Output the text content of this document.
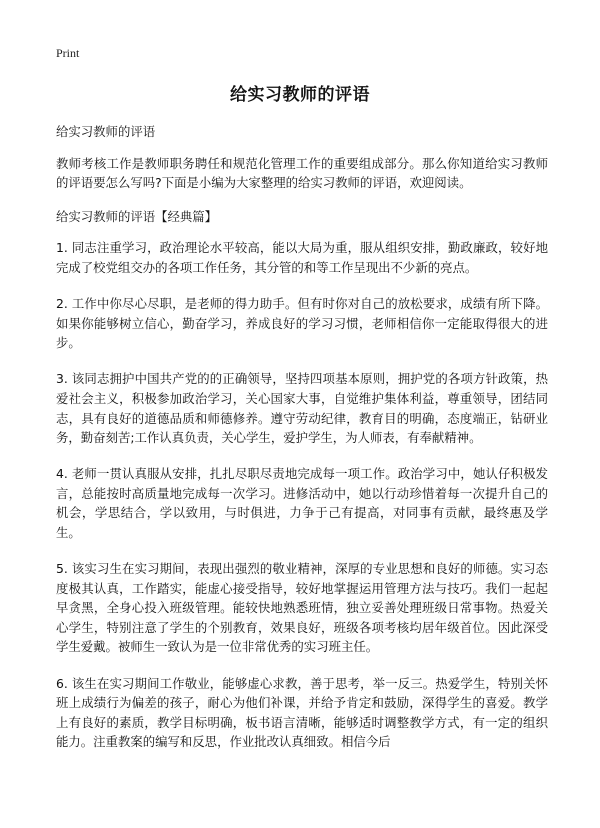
Print
给实习教师的评语

给实习教师的评语

教师考核工作是教师职务聘任和规范化管理工作的重要组成部分。那么你知道给实习教师的评语要怎么写吗?下面是小编为大家整理的给实习教师的评语，欢迎阅读。

给实习教师的评语【经典篇】

1. 同志注重学习，政治理论水平较高，能以大局为重，服从组织安排，勤政廉政，较好地完成了校党组交办的各项工作任务，其分管的和等工作呈现出不少新的亮点。

2. 工作中你尽心尽职，是老师的得力助手。但有时你对自己的放松要求，成绩有所下降。如果你能够树立信心，勤奋学习，养成良好的学习习惯，老师相信你一定能取得很大的进步。

3. 该同志拥护中国共产党的的正确领导，坚持四项基本原则，拥护党的各项方针政策，热爱社会主义，积极参加政治学习，关心国家大事，自觉维护集体利益，尊重领导，团结同志，具有良好的道德品质和师德修养。遵守劳动纪律，教育目的明确，态度端正，钻研业务，勤奋刻苦;工作认真负责，关心学生，爱护学生，为人师表，有奉献精神。

4. 老师一贯认真服从安排，扎扎尽职尽责地完成每一项工作。政治学习中，她认仔积极发言，总能按时高质量地完成每一次学习。进修活动中，她以行动珍惜着每一次提升自己的机会，学思结合，学以致用，与时俱进，力争于己有提高，对同事有贡献，最终惠及学生。

5. 该实习生在实习期间，表现出强烈的敬业精神，深厚的专业思想和良好的师德。实习态度极其认真，工作踏实，能虚心接受指导，较好地掌握运用管理方法与技巧。我们一起起早贪黑，全身心投入班级管理。能较快地熟悉班情，独立妥善处理班级日常事物。热爱关心学生，特别注意了学生的个别教育，效果良好，班级各项考核均居年级首位。因此深受学生爱戴。被师生一致认为是一位非常优秀的实习班主任。

6. 该生在实习期间工作敬业，能够虚心求教，善于思考，举一反三。热爱学生，特别关怀班上成绩行为偏差的孩子，耐心为他们补课，并给予肯定和鼓励，深得学生的喜爱。教学上有良好的素质，教学目标明确，板书语言清晰，能够适时调整教学方式，有一定的组织能力。注重教案的编写和反思，作业批改认真细致。相信今后
